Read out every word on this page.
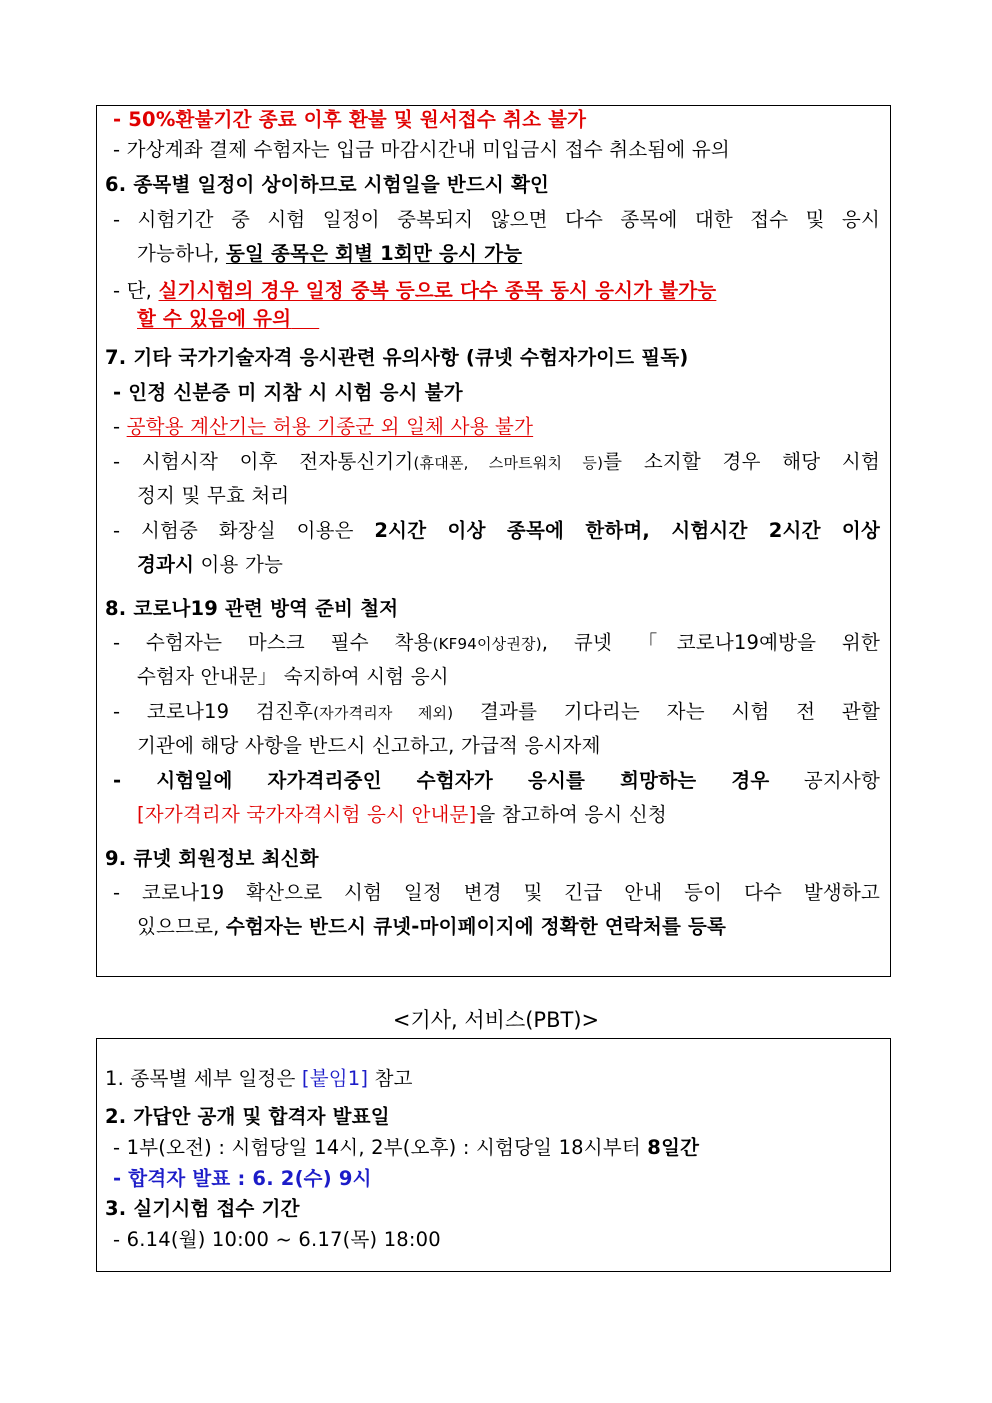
- 50%환불기간 종료 이후 환불 및 원서접수 취소 불가
- 가상계좌 결제 수험자는 입금 마감시간내 미입금시 접수 취소됨에 유의
6. 종목별 일정이 상이하므로 시험일을 반드시 확인
- 시험기간 중 시험 일정이 중복되지 않으면 다수 종목에 대한 접수 및 응시
가능하나, 동일 종목은 회별 1회만 응시 가능
- 단, 실기시험의 경우 일정 중복 등으로 다수 종목 동시 응시가 불가능
할 수 있음에 유의
7. 기타 국가기술자격 응시관련 유의사항 (큐넷 수험자가이드 필독)
- 인정 신분증 미 지참 시 시험 응시 불가
- 공학용 계산기는 허용 기종군 외 일체 사용 불가
- 시험시작 이후 전자통신기기(휴대폰, 스마트워치 등)를 소지할 경우 해당 시험
정지 및 무효 처리
- 시험중 화장실 이용은 2시간 이상 종목에 한하며, 시험시간 2시간 이상
경과시 이용 가능
8. 코로나19 관련 방역 준비 철저
- 수험자는 마스크 필수 착용(KF94이상권장), 큐넷 「코로나19예방을 위한
수험자 안내문」 숙지하여 시험 응시
- 코로나19 검진후(자가격리자 제외) 결과를 기다리는 자는 시험 전 관할
기관에 해당 사항을 반드시 신고하고, 가급적 응시자제
- 시험일에 자가격리중인 수험자가 응시를 희망하는 경우 공지사항
[자가격리자 국가자격시험 응시 안내문]을 참고하여 응시 신청
9. 큐넷 회원정보 최신화
- 코로나19 확산으로 시험 일정 변경 및 긴급 안내 등이 다수 발생하고
있으므로, 수험자는 반드시 큐넷-마이페이지에 정확한 연락처를 등록
<기사, 서비스(PBT)>
1. 종목별 세부 일정은 [붙임1] 참고
2. 가답안 공개 및 합격자 발표일
- 1부(오전) : 시험당일 14시, 2부(오후) : 시험당일 18시부터 8일간
- 합격자 발표 : 6. 2(수) 9시
3. 실기시험 접수 기간
- 6.14(월) 10:00 ~ 6.17(목) 18:00
